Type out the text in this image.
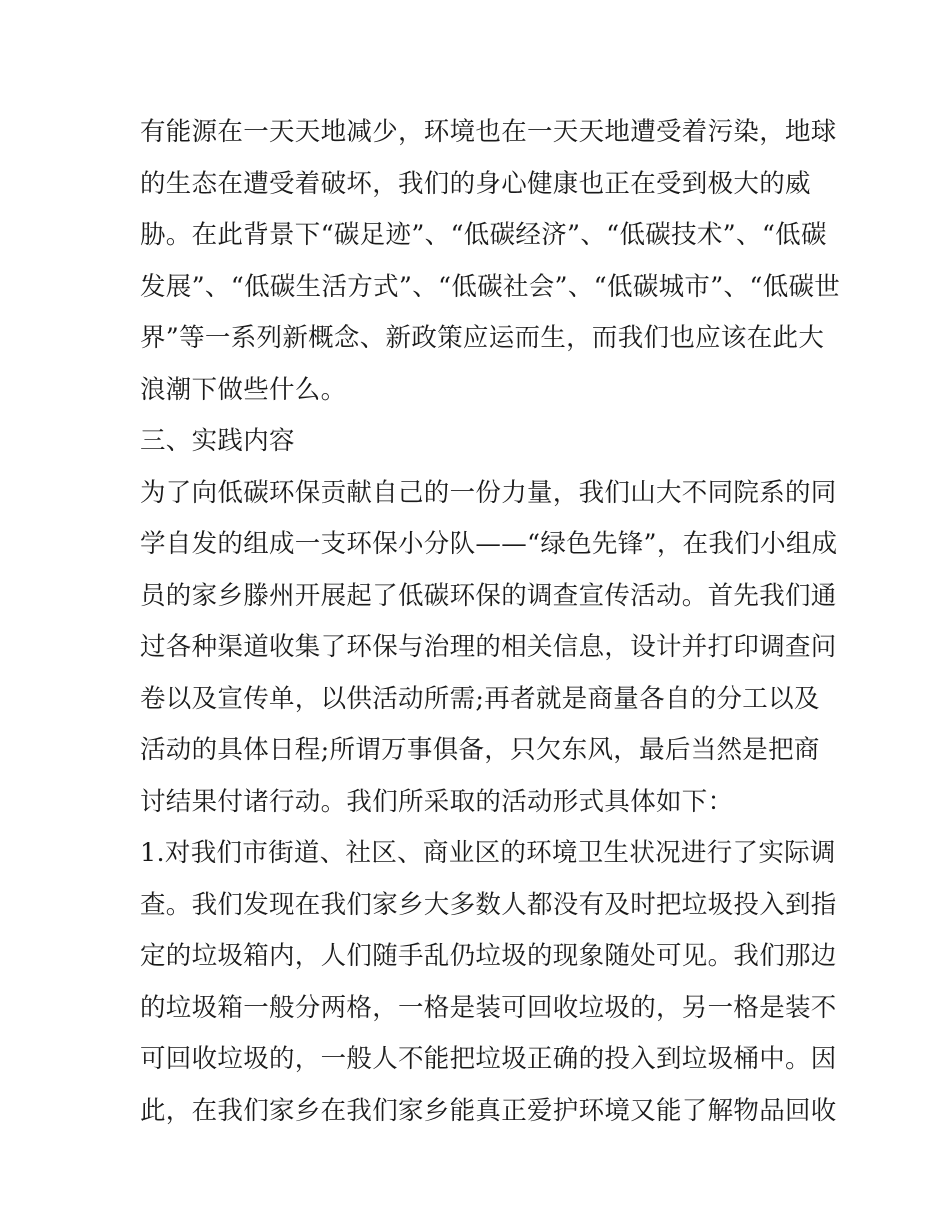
有能源在一天天地减少，环境也在一天天地遭受着污染，地球
的生态在遭受着破坏，我们的身心健康也正在受到极大的威
胁。在此背景下“碳足迹”、“低碳经济”、“低碳技术”、“低碳
发展”、“低碳生活方式”、“低碳社会”、“低碳城市”、“低碳世
界”等一系列新概念、新政策应运而生，而我们也应该在此大
浪潮下做些什么。
三、实践内容
为了向低碳环保贡献自己的一份力量，我们山大不同院系的同
学自发的组成一支环保小分队——“绿色先锋”，在我们小组成
员的家乡滕州开展起了低碳环保的调查宣传活动。首先我们通
过各种渠道收集了环保与治理的相关信息，设计并打印调查问
卷以及宣传单，以供活动所需;再者就是商量各自的分工以及
活动的具体日程;所谓万事俱备，只欠东风，最后当然是把商
讨结果付诸行动。我们所采取的活动形式具体如下：
1.对我们市街道、社区、商业区的环境卫生状况进行了实际调
查。我们发现在我们家乡大多数人都没有及时把垃圾投入到指
定的垃圾箱内，人们随手乱仍垃圾的现象随处可见。我们那边
的垃圾箱一般分两格，一格是装可回收垃圾的，另一格是装不
可回收垃圾的，一般人不能把垃圾正确的投入到垃圾桶中。因
此，在我们家乡在我们家乡能真正爱护环境又能了解物品回收
